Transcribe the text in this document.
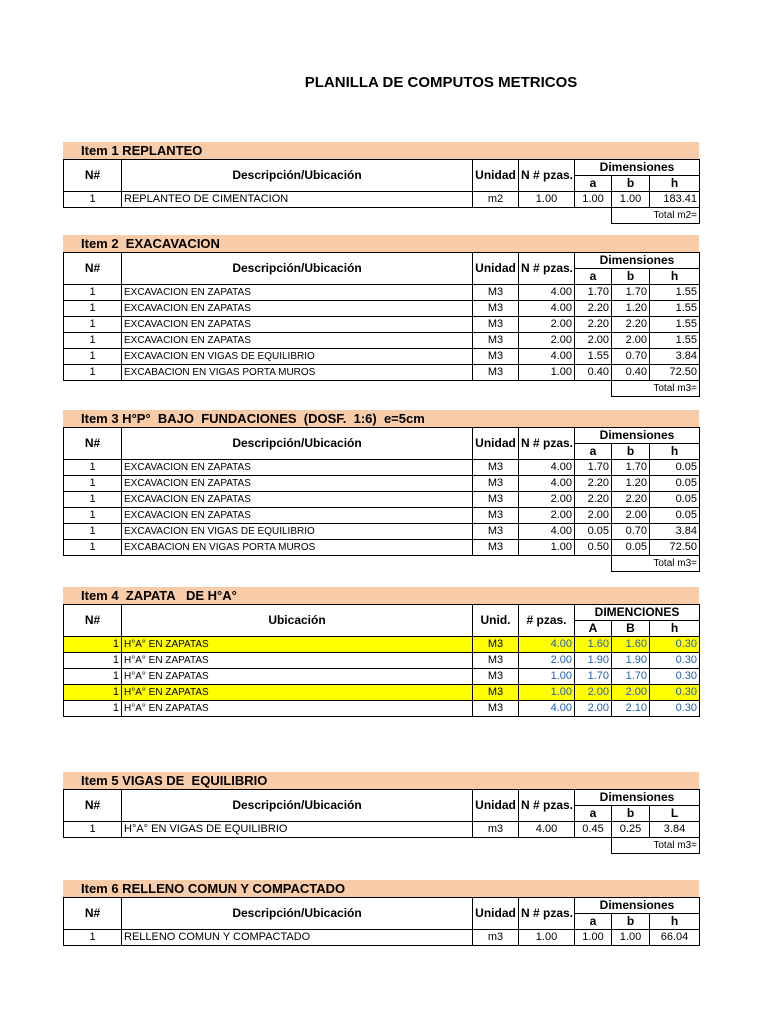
PLANILLA DE COMPUTOS METRICOS
Item 1 REPLANTEO
N#	Descripción/Ubicación	Unidad	N # pzas.	Dimensiones		
				a	b	h
1	REPLANTEO DE CIMENTACION	m2	1.00	1.00	1.00	183.41
					Total m2=	
Item 2  EXACAVACION
N#	Descripción/Ubicación	Unidad	N # pzas.	Dimensiones		
				a	b	h
1	EXCAVACION EN ZAPATAS	M3	4.00	1.70	1.70	1.55
1	EXCAVACION EN ZAPATAS	M3	4.00	2.20	1.20	1.55
1	EXCAVACION EN ZAPATAS	M3	2.00	2.20	2.20	1.55
1	EXCAVACION EN ZAPATAS	M3	2.00	2.00	2.00	1.55
1	EXCAVACION EN VIGAS DE EQUILIBRIO	M3	4.00	1.55	0.70	3.84
1	EXCABACION EN VIGAS PORTA MUROS	M3	1.00	0.40	0.40	72.50
					Total m3=	
Item 3 H°P°  BAJO  FUNDACIONES  (DOSF.  1:6)  e=5cm
N#	Descripción/Ubicación	Unidad	N # pzas.	Dimensiones		
				a	b	h
1	EXCAVACION EN ZAPATAS	M3	4.00	1.70	1.70	0.05
1	EXCAVACION EN ZAPATAS	M3	4.00	2.20	1.20	0.05
1	EXCAVACION EN ZAPATAS	M3	2.00	2.20	2.20	0.05
1	EXCAVACION EN ZAPATAS	M3	2.00	2.00	2.00	0.05
1	EXCAVACION EN VIGAS DE EQUILIBRIO	M3	4.00	0.05	0.70	3.84
1	EXCABACION EN VIGAS PORTA MUROS	M3	1.00	0.50	0.05	72.50
					Total m3=	
Item 4  ZAPATA   DE H°A°
N#	Ubicación	Unid.	# pzas.	DIMENCIONES		
				A	B	h
1	H°A° EN ZAPATAS	M3	4.00	1.60	1.60	0.30
1	H°A° EN ZAPATAS	M3	2.00	1.90	1.90	0.30
1	H°A° EN ZAPATAS	M3	1.00	1.70	1.70	0.30
1	H°A° EN ZAPATAS	M3	1.00	2.00	2.00	0.30
1	H°A° EN ZAPATAS	M3	4.00	2.00	2.10	0.30
Item 5 VIGAS DE  EQUILIBRIO
N#	Descripción/Ubicación	Unidad	N # pzas.	Dimensiones		
				a	b	L
1	H°A° EN VIGAS DE EQUILIBRIO	m3	4.00	0.45	0.25	3.84
					Total m3=	
Item 6 RELLENO COMUN Y COMPACTADO
N#	Descripción/Ubicación	Unidad	N # pzas.	Dimensiones		
				a	b	h
1	RELLENO COMUN Y COMPACTADO	m3	1.00	1.00	1.00	66.04
